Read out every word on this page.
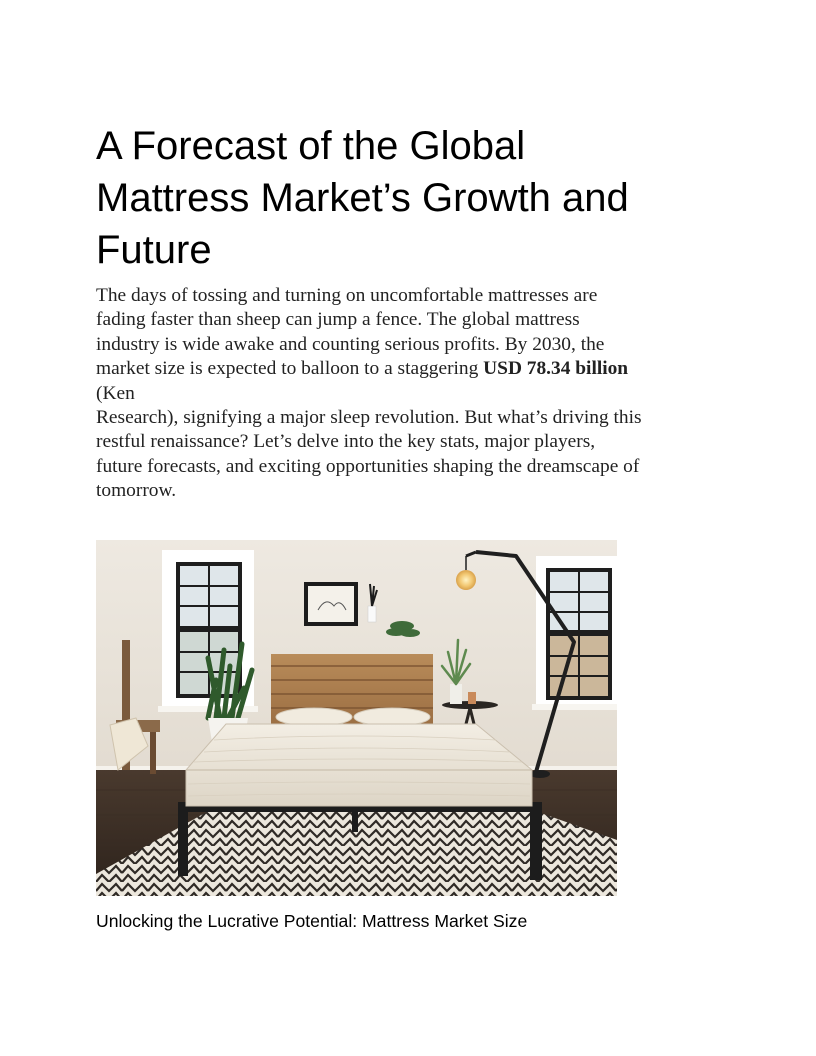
A Forecast of the Global
Mattress Market’s Growth and
Future

The days of tossing and turning on uncomfortable mattresses are
fading faster than sheep can jump a fence. The global mattress
industry is wide awake and counting serious profits. By 2030, the
market size is expected to balloon to a staggering USD 78.34 billion
(Ken
Research), signifying a major sleep revolution. But what’s driving this
restful renaissance? Let’s delve into the key stats, major players,
future forecasts, and exciting opportunities shaping the dreamscape of
tomorrow.

Unlocking the Lucrative Potential: Mattress Market Size
